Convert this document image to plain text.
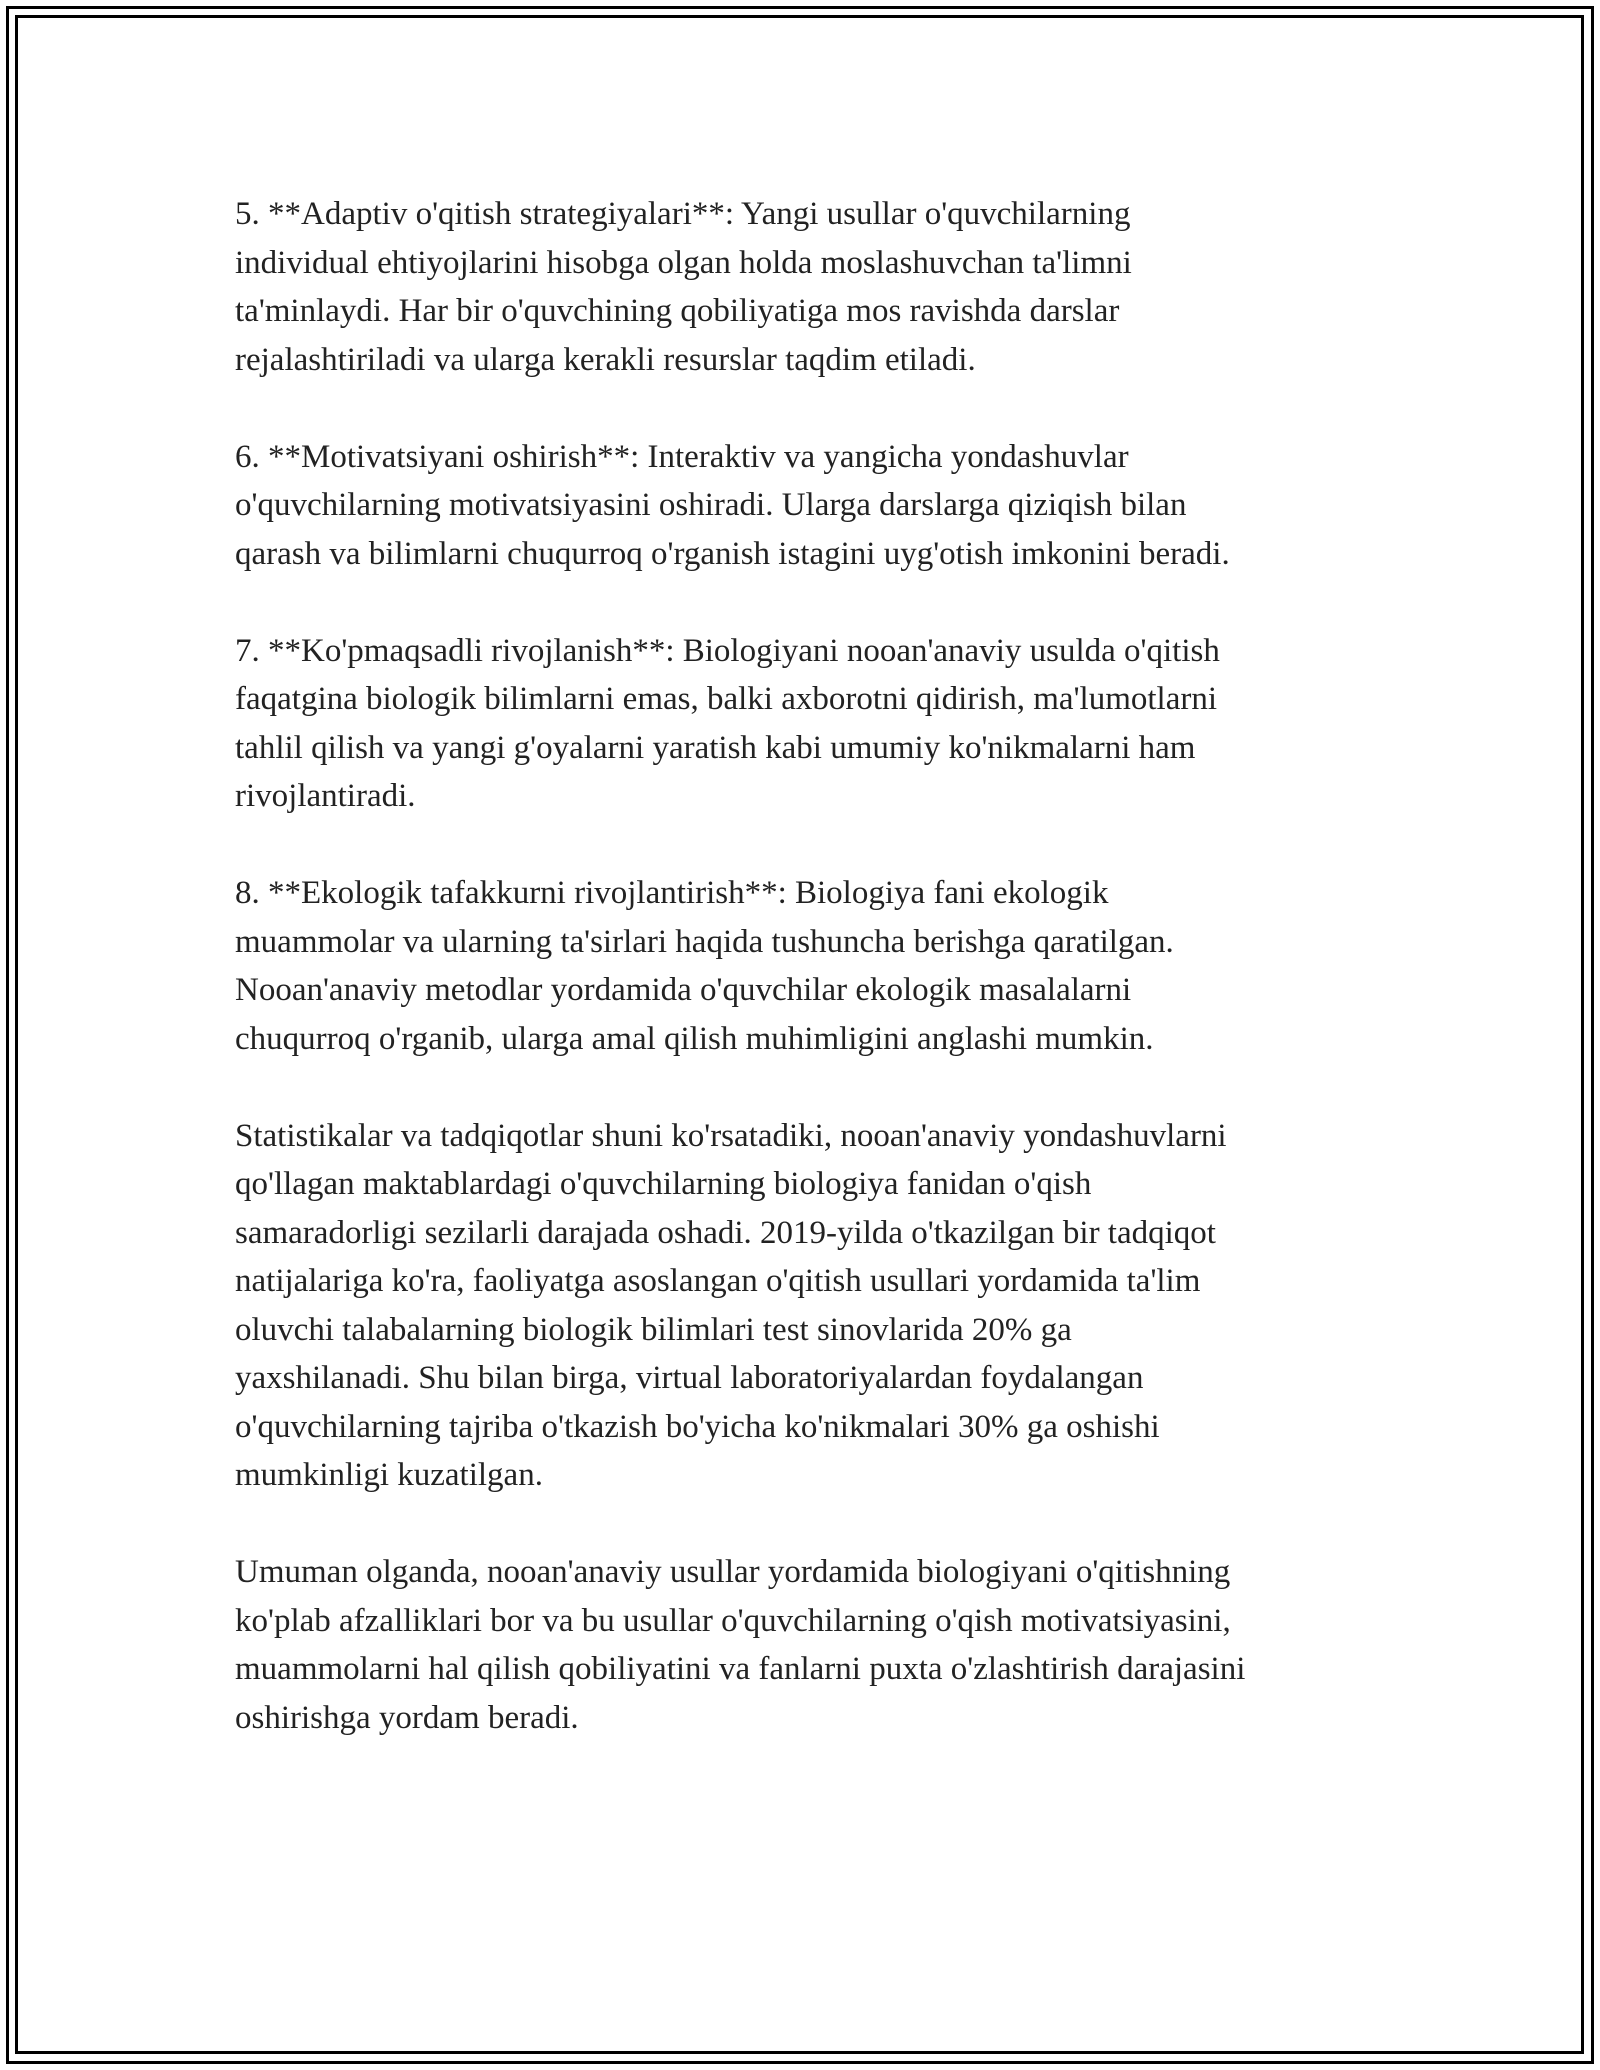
5. **Adaptiv o'qitish strategiyalari**: Yangi usullar o'quvchilarning
individual ehtiyojlarini hisobga olgan holda moslashuvchan ta'limni
ta'minlaydi. Har bir o'quvchining qobiliyatiga mos ravishda darslar
rejalashtiriladi va ularga kerakli resurslar taqdim etiladi.

6. **Motivatsiyani oshirish**: Interaktiv va yangicha yondashuvlar
o'quvchilarning motivatsiyasini oshiradi. Ularga darslarga qiziqish bilan
qarash va bilimlarni chuqurroq o'rganish istagini uyg'otish imkonini beradi.

7. **Ko'pmaqsadli rivojlanish**: Biologiyani nooan'anaviy usulda o'qitish
faqatgina biologik bilimlarni emas, balki axborotni qidirish, ma'lumotlarni
tahlil qilish va yangi g'oyalarni yaratish kabi umumiy ko'nikmalarni ham
rivojlantiradi.

8. **Ekologik tafakkurni rivojlantirish**: Biologiya fani ekologik
muammolar va ularning ta'sirlari haqida tushuncha berishga qaratilgan.
Nooan'anaviy metodlar yordamida o'quvchilar ekologik masalalarni
chuqurroq o'rganib, ularga amal qilish muhimligini anglashi mumkin.

Statistikalar va tadqiqotlar shuni ko'rsatadiki, nooan'anaviy yondashuvlarni
qo'llagan maktablardagi o'quvchilarning biologiya fanidan o'qish
samaradorligi sezilarli darajada oshadi. 2019-yilda o'tkazilgan bir tadqiqot
natijalariga ko'ra, faoliyatga asoslangan o'qitish usullari yordamida ta'lim
oluvchi talabalarning biologik bilimlari test sinovlarida 20% ga
yaxshilanadi. Shu bilan birga, virtual laboratoriyalardan foydalangan
o'quvchilarning tajriba o'tkazish bo'yicha ko'nikmalari 30% ga oshishi
mumkinligi kuzatilgan.

Umuman olganda, nooan'anaviy usullar yordamida biologiyani o'qitishning
ko'plab afzalliklari bor va bu usullar o'quvchilarning o'qish motivatsiyasini,
muammolarni hal qilish qobiliyatini va fanlarni puxta o'zlashtirish darajasini
oshirishga yordam beradi.
